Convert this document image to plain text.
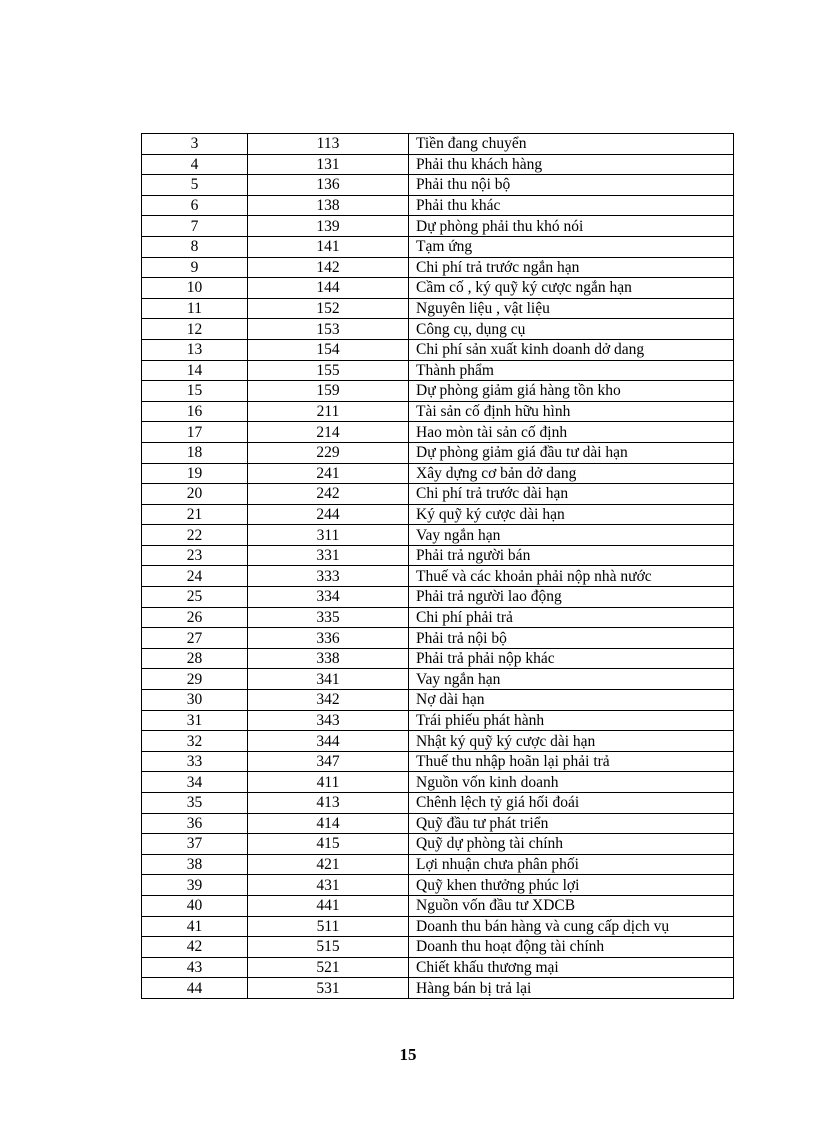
3	113	Tiền đang chuyển
4	131	Phải thu khách hàng
5	136	Phải thu nội bộ
6	138	Phải thu khác
7	139	Dự phòng phải thu khó nói
8	141	Tạm ứng
9	142	Chi phí trả trước ngắn hạn
10	144	Cầm cố , ký quỹ ký cược ngắn hạn
11	152	Nguyên liệu , vật liệu
12	153	Công cụ, dụng cụ
13	154	Chi phí sản xuất kinh doanh dở dang
14	155	Thành phẩm
15	159	Dự phòng giảm giá hàng tồn kho
16	211	Tài sản cố định hữu hình
17	214	Hao mòn tài sản cố định
18	229	Dự phòng giảm giá đầu tư dài hạn
19	241	Xây dựng cơ bản dở dang
20	242	Chi phí trả trước dài hạn
21	244	Ký quỹ ký cược dài hạn
22	311	Vay ngắn hạn
23	331	Phải trả người bán
24	333	Thuế và các khoản phải nộp nhà nước
25	334	Phải trả người lao động
26	335	Chi phí phải trả
27	336	Phải trả nội bộ
28	338	Phải trả phải nộp khác
29	341	Vay ngắn hạn
30	342	Nợ dài hạn
31	343	Trái phiếu phát hành
32	344	Nhật ký quỹ ký cược dài hạn
33	347	Thuế thu nhập hoãn lại phải trả
34	411	Nguồn vốn kinh doanh
35	413	Chênh lệch tỷ giá hối đoái
36	414	Quỹ đầu tư phát triển
37	415	Quỹ dự phòng tài chính
38	421	Lợi nhuận chưa phân phối
39	431	Quỹ khen thưởng phúc lợi
40	441	Nguồn vốn đầu tư XDCB
41	511	Doanh thu bán hàng và cung cấp dịch vụ
42	515	Doanh thu hoạt động tài chính
43	521	Chiết khấu thương mại
44	531	Hàng bán bị trả lại
15
